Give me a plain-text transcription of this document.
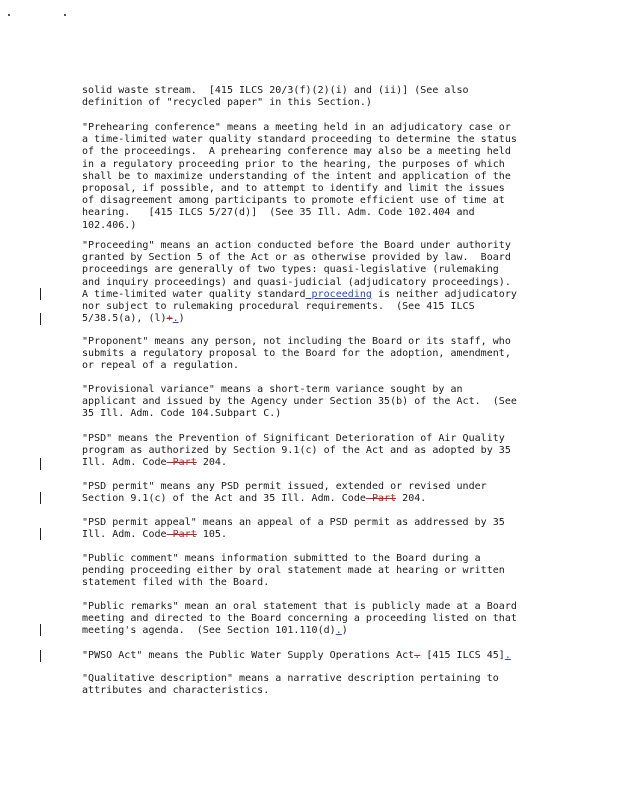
solid waste stream.  [415 ILCS 20/3(f)(2)(i) and (ii)] (See also
definition of "recycled paper" in this Section.)
"Prehearing conference" means a meeting held in an adjudicatory case or
a time-limited water quality standard proceeding to determine the status
of the proceedings.  A prehearing conference may also be a meeting held
in a regulatory proceeding prior to the hearing, the purposes of which
shall be to maximize understanding of the intent and application of the
proposal, if possible, and to attempt to identify and limit the issues
of disagreement among participants to promote efficient use of time at
hearing.   [415 ILCS 5/27(d)]  (See 35 Ill. Adm. Code 102.404 and
102.406.)
"Proceeding" means an action conducted before the Board under authority
granted by Section 5 of the Act or as otherwise provided by law.  Board
proceedings are generally of two types: quasi-legislative (rulemaking
and inquiry proceedings) and quasi-judicial (adjudicatory proceedings).
A time-limited water quality standard proceeding is neither adjudicatory
nor subject to rulemaking procedural requirements.  (See 415 ILCS
5/38.5(a), (l)+.)
"Proponent" means any person, not including the Board or its staff, who
submits a regulatory proposal to the Board for the adoption, amendment,
or repeal of a regulation.
"Provisional variance" means a short-term variance sought by an
applicant and issued by the Agency under Section 35(b) of the Act.  (See
35 Ill. Adm. Code 104.Subpart C.)
"PSD" means the Prevention of Significant Deterioration of Air Quality
program as authorized by Section 9.1(c) of the Act and as adopted by 35
Ill. Adm. Code Part 204.
"PSD permit" means any PSD permit issued, extended or revised under
Section 9.1(c) of the Act and 35 Ill. Adm. Code Part 204.
"PSD permit appeal" means an appeal of a PSD permit as addressed by 35
Ill. Adm. Code Part 105.
"Public comment" means information submitted to the Board during a
pending proceeding either by oral statement made at hearing or written
statement filed with the Board.
"Public remarks" mean an oral statement that is publicly made at a Board
meeting and directed to the Board concerning a proceeding listed on that
meeting's agenda.  (See Section 101.110(d).)
"PWSO Act" means the Public Water Supply Operations Act. [415 ILCS 45].
"Qualitative description" means a narrative description pertaining to
attributes and characteristics.
